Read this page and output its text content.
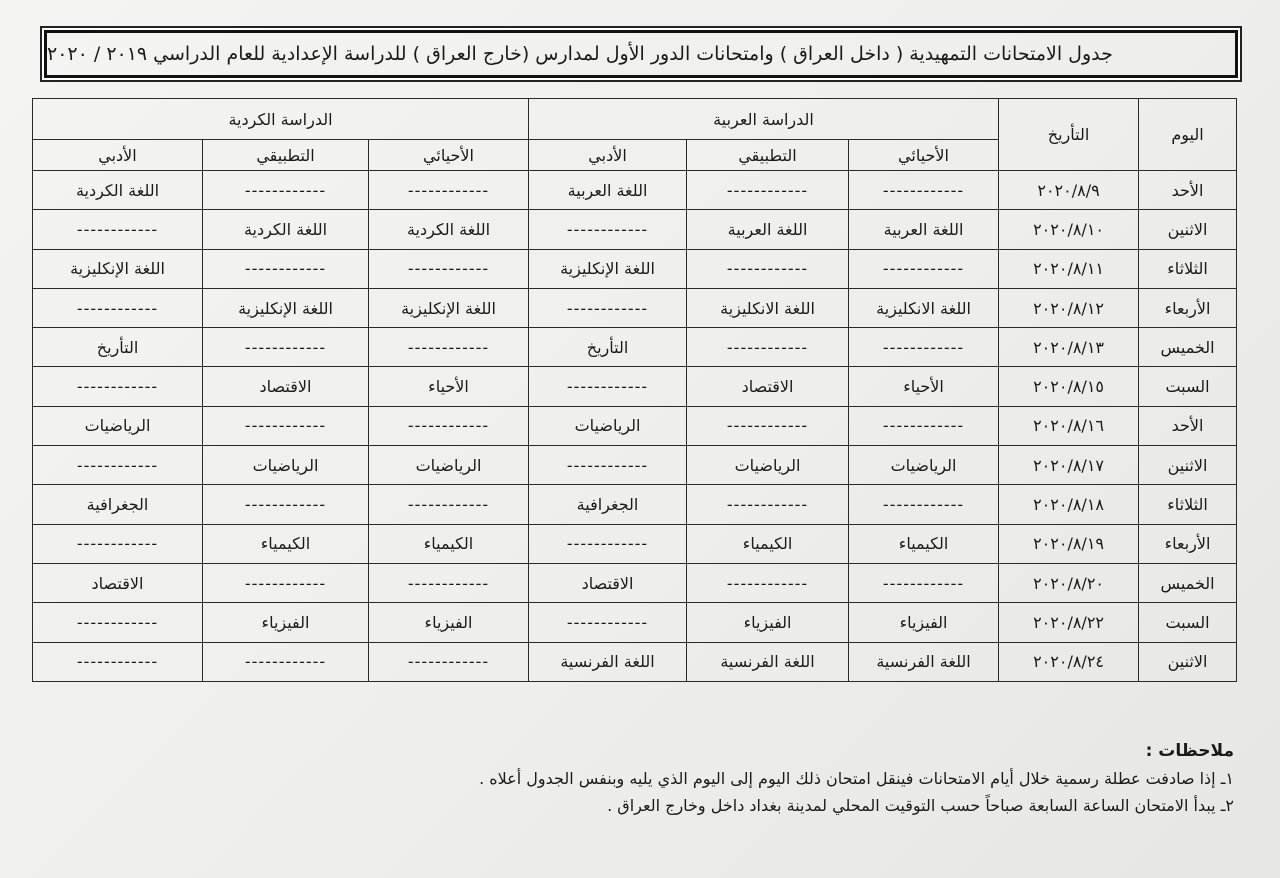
جدول الامتحانات التمهيدية ( داخل العراق ) وامتحانات الدور الأول لمدارس (خارج العراق ) للدراسة الإعدادية للعام الدراسي ٢٠١٩ / ٢٠٢٠
اليوم	التأريخ	الدراسة العربية			الدراسة الكردية		
		الأحيائي	التطبيقي	الأدبي	الأحيائي	التطبيقي	الأدبي
الأحد	٢٠٢٠/٨/٩	------------	------------	اللغة العربية	------------	------------	اللغة الكردية
الاثنين	٢٠٢٠/٨/١٠	اللغة العربية	اللغة العربية	------------	اللغة الكردية	اللغة الكردية	------------
الثلاثاء	٢٠٢٠/٨/١١	------------	------------	اللغة الإنكليزية	------------	------------	اللغة الإنكليزية
الأربعاء	٢٠٢٠/٨/١٢	اللغة الانكليزية	اللغة الانكليزية	------------	اللغة الإنكليزية	اللغة الإنكليزية	------------
الخميس	٢٠٢٠/٨/١٣	------------	------------	التأريخ	------------	------------	التأريخ
السبت	٢٠٢٠/٨/١٥	الأحياء	الاقتصاد	------------	الأحياء	الاقتصاد	------------
الأحد	٢٠٢٠/٨/١٦	------------	------------	الرياضيات	------------	------------	الرياضيات
الاثنين	٢٠٢٠/٨/١٧	الرياضيات	الرياضيات	------------	الرياضيات	الرياضيات	------------
الثلاثاء	٢٠٢٠/٨/١٨	------------	------------	الجغرافية	------------	------------	الجغرافية
الأربعاء	٢٠٢٠/٨/١٩	الكيمياء	الكيمياء	------------	الكيمياء	الكيمياء	------------
الخميس	٢٠٢٠/٨/٢٠	------------	------------	الاقتصاد	------------	------------	الاقتصاد
السبت	٢٠٢٠/٨/٢٢	الفيزياء	الفيزياء	------------	الفيزياء	الفيزياء	------------
الاثنين	٢٠٢٠/٨/٢٤	اللغة الفرنسية	اللغة الفرنسية	اللغة الفرنسية	------------	------------	------------
ملاحظات :
١ـ إذا صادفت عطلة رسمية خلال أيام الامتحانات فينقل امتحان ذلك اليوم إلى اليوم الذي يليه وبنفس الجدول أعلاه .
٢ـ يبدأ الامتحان الساعة السابعة صباحاً حسب التوقيت المحلي لمدينة بغداد داخل وخارج العراق .
